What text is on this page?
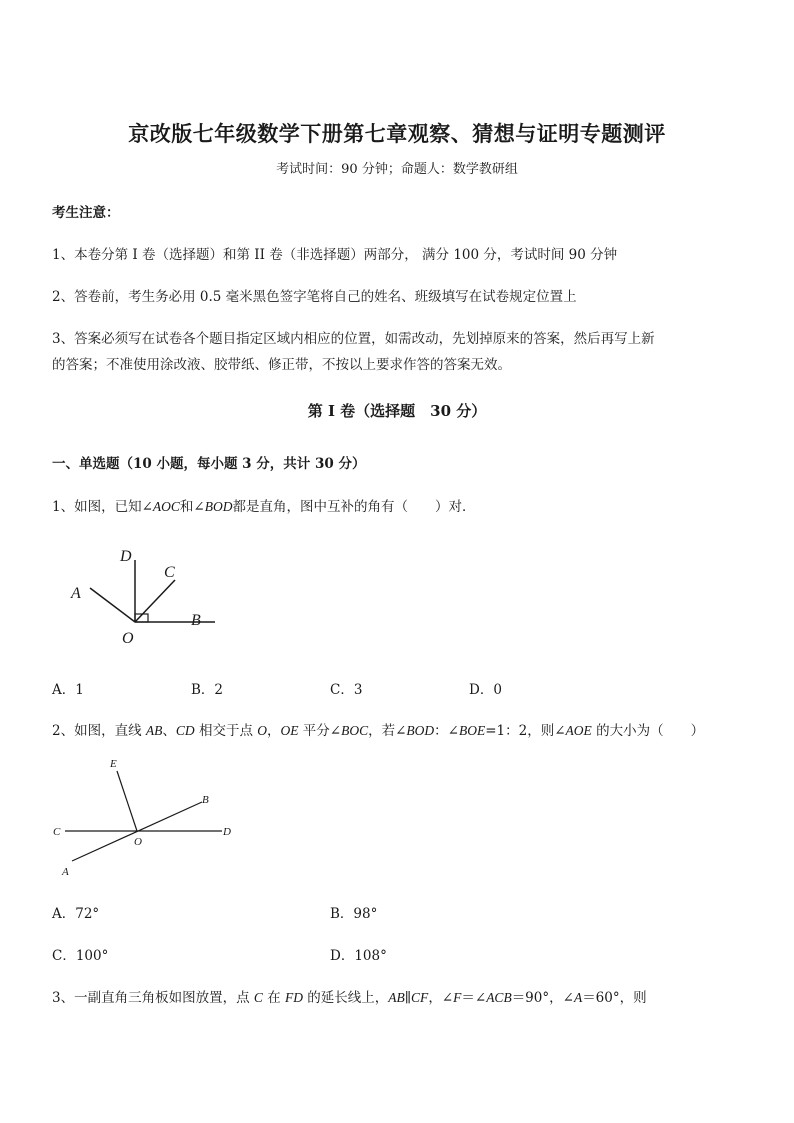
京改版七年级数学下册第七章观察、猜想与证明专题测评
考试时间：90 分钟；命题人：数学教研组
考生注意：
1、本卷分第 I 卷（选择题）和第 II 卷（非选择题）两部分， 满分 100 分，考试时间 90 分钟
2、答卷前，考生务必用 0.5 毫米黑色签字笔将自己的姓名、班级填写在试卷规定位置上
3、答案必须写在试卷各个题目指定区域内相应的位置，如需改动，先划掉原来的答案，然后再写上新
的答案；不准使用涂改液、胶带纸、修正带，不按以上要求作答的答案无效。
第 I 卷（选择题　30 分）
一、单选题（10 小题，每小题 3 分，共计 30 分）
1、如图，已知∠AOC和∠BOD都是直角，图中互补的角有（　　）对．
D
C
A
B
O
A．1	B．2	C．3	D．0
2、如图，直线 AB、CD 相交于点 O，OE 平分∠BOC，若∠BOD：∠BOE=1：2，则∠AOE 的大小为（　　）
E
B
C	D
O
A
A．72°	B．98°
C．100°	D．108°
3、一副直角三角板如图放置，点 C 在 FD 的延长线上，AB∥CF，∠F＝∠ACB＝90°，∠A＝60°，则
